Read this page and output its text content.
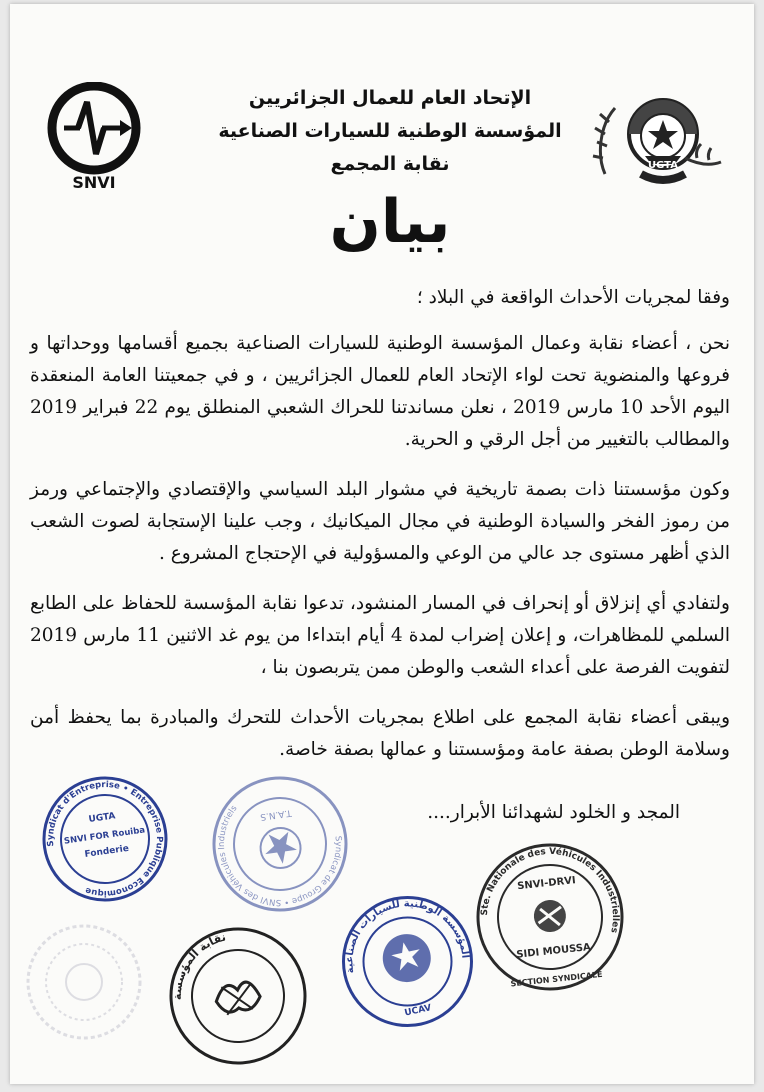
SNVI
UGTA
الإتحاد العام للعمال الجزائريين
المؤسسة الوطنية للسيارات الصناعية
نقابة المجمع
بيان

وفقا لمجريات الأحداث الواقعة في البلاد ؛

نحن ، أعضاء نقابة وعمال المؤسسة الوطنية للسيارات الصناعية بجميع أقسامها ووحداتها و فروعها والمنضوية تحت لواء الإتحاد العام للعمال الجزائريين ، و في جمعيتنا العامة المنعقدة اليوم الأحد 10 مارس 2019 ، نعلن مساندتنا للحراك الشعبي المنطلق يوم 22 فبراير 2019 والمطالب بالتغيير من أجل الرقي و الحرية.

وكون مؤسستنا ذات بصمة تاريخية في مشوار البلد السياسي والإقتصادي والإجتماعي ورمز من رموز الفخر والسيادة الوطنية في مجال الميكانيك ، وجب علينا الإستجابة لصوت الشعب الذي أظهر مستوى جد عالي من الوعي والمسؤولية في الإحتجاج المشروع .

ولتفادي أي إنزلاق أو إنحراف في المسار المنشود، تدعوا نقابة المؤسسة للحفاظ على الطابع السلمي للمظاهرات، و إعلان إضراب لمدة 4 أيام ابتداءا من يوم غد الاثنين 11 مارس 2019 لتفويت الفرصة على أعداء الشعب والوطن ممن يتربصون بنا ،

ويبقى أعضاء نقابة المجمع على اطلاع بمجريات الأحداث للتحرك والمبادرة بما يحفظ أمن وسلامة الوطن بصفة عامة ومؤسستنا و عمالها بصفة خاصة.

المجد و الخلود لشهدائنا الأبرار....
Syndicat d'Entreprise • Entreprise Publique Economique
UGTA
SNVI FOR Rouiba
Fonderie
Syndicat de Groupe • SNVI des Véhicules Industriels	T.A.N.S
Ste. Nationale des Véhicules Industrielles
SNVI-DRVI
SIDI MOUSSA
SECTION SYNDICALE
المؤسسة الوطنية للسيارات الصناعية
UCAV
نقابة المؤسسة
